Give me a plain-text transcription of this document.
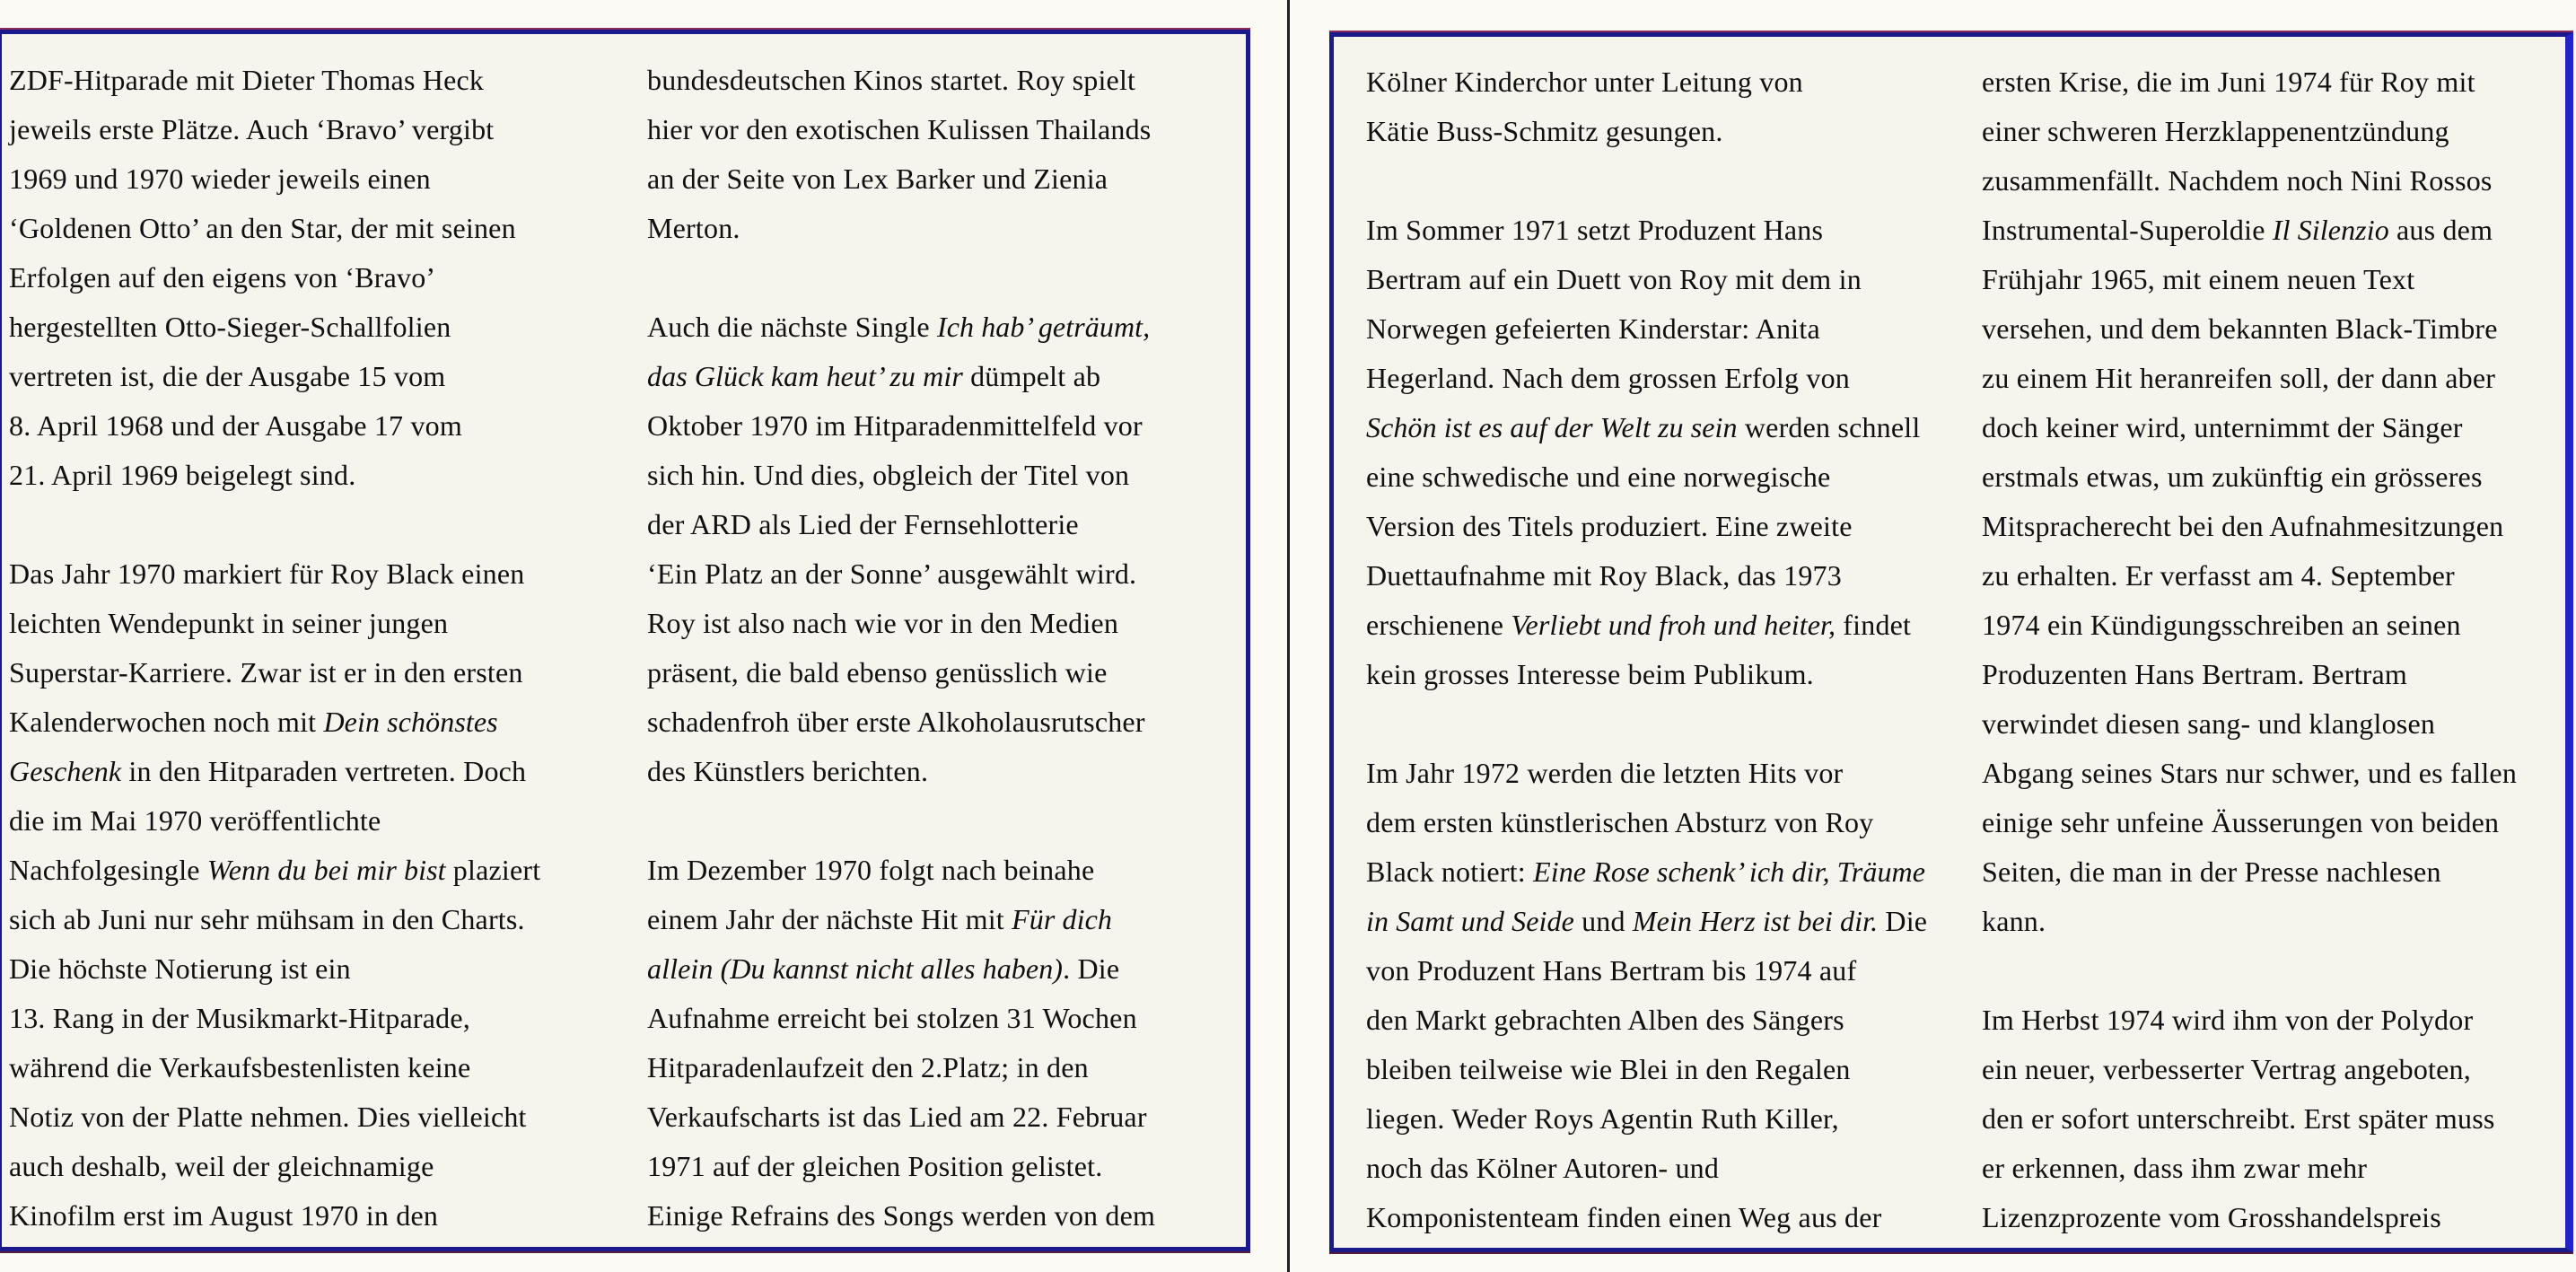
ZDF-Hitparade mit Dieter Thomas Heck
jeweils erste Plätze. Auch ‘Bravo’ vergibt
1969 und 1970 wieder jeweils einen
‘Goldenen Otto’ an den Star, der mit seinen
Erfolgen auf den eigens von ‘Bravo’
hergestellten Otto-Sieger-Schallfolien
vertreten ist, die der Ausgabe 15 vom
8. April 1968 und der Ausgabe 17 vom
21. April 1969 beigelegt sind.

Das Jahr 1970 markiert für Roy Black einen
leichten Wendepunkt in seiner jungen
Superstar-Karriere. Zwar ist er in den ersten
Kalenderwochen noch mit Dein schönstes
Geschenk in den Hitparaden vertreten. Doch
die im Mai 1970 veröffentlichte
Nachfolgesingle Wenn du bei mir bist plaziert
sich ab Juni nur sehr mühsam in den Charts.
Die höchste Notierung ist ein
13. Rang in der Musikmarkt-Hitparade,
während die Verkaufsbestenlisten keine
Notiz von der Platte nehmen. Dies vielleicht
auch deshalb, weil der gleichnamige
Kinofilm erst im August 1970 in den
bundesdeutschen Kinos startet. Roy spielt
hier vor den exotischen Kulissen Thailands
an der Seite von Lex Barker und Zienia
Merton.

Auch die nächste Single Ich hab’ geträumt,
das Glück kam heut’ zu mir dümpelt ab
Oktober 1970 im Hitparadenmittelfeld vor
sich hin. Und dies, obgleich der Titel von
der ARD als Lied der Fernsehlotterie
‘Ein Platz an der Sonne’ ausgewählt wird.
Roy ist also nach wie vor in den Medien
präsent, die bald ebenso genüsslich wie
schadenfroh über erste Alkoholausrutscher
des Künstlers berichten.

Im Dezember 1970 folgt nach beinahe
einem Jahr der nächste Hit mit Für dich
allein (Du kannst nicht alles haben). Die
Aufnahme erreicht bei stolzen 31 Wochen
Hitparadenlaufzeit den 2.Platz; in den
Verkaufscharts ist das Lied am 22. Februar
1971 auf der gleichen Position gelistet.
Einige Refrains des Songs werden von dem
Kölner Kinderchor unter Leitung von
Kätie Buss-Schmitz gesungen.

Im Sommer 1971 setzt Produzent Hans
Bertram auf ein Duett von Roy mit dem in
Norwegen gefeierten Kinderstar: Anita
Hegerland. Nach dem grossen Erfolg von
Schön ist es auf der Welt zu sein werden schnell
eine schwedische und eine norwegische
Version des Titels produziert. Eine zweite
Duettaufnahme mit Roy Black, das 1973
erschienene Verliebt und froh und heiter, findet
kein grosses Interesse beim Publikum.

Im Jahr 1972 werden die letzten Hits vor
dem ersten künstlerischen Absturz von Roy
Black notiert: Eine Rose schenk’ ich dir, Träume
in Samt und Seide und Mein Herz ist bei dir. Die
von Produzent Hans Bertram bis 1974 auf
den Markt gebrachten Alben des Sängers
bleiben teilweise wie Blei in den Regalen
liegen. Weder Roys Agentin Ruth Killer,
noch das Kölner Autoren- und
Komponistenteam finden einen Weg aus der
ersten Krise, die im Juni 1974 für Roy mit
einer schweren Herzklappenentzündung
zusammenfällt. Nachdem noch Nini Rossos
Instrumental-Superoldie Il Silenzio aus dem
Frühjahr 1965, mit einem neuen Text
versehen, und dem bekannten Black-Timbre
zu einem Hit heranreifen soll, der dann aber
doch keiner wird, unternimmt der Sänger
erstmals etwas, um zukünftig ein grösseres
Mitspracherecht bei den Aufnahmesitzungen
zu erhalten. Er verfasst am 4. September
1974 ein Kündigungsschreiben an seinen
Produzenten Hans Bertram. Bertram
verwindet diesen sang- und klanglosen
Abgang seines Stars nur schwer, und es fallen
einige sehr unfeine Äusserungen von beiden
Seiten, die man in der Presse nachlesen
kann.

Im Herbst 1974 wird ihm von der Polydor
ein neuer, verbesserter Vertrag angeboten,
den er sofort unterschreibt. Erst später muss
er erkennen, dass ihm zwar mehr
Lizenzprozente vom Grosshandelspreis
